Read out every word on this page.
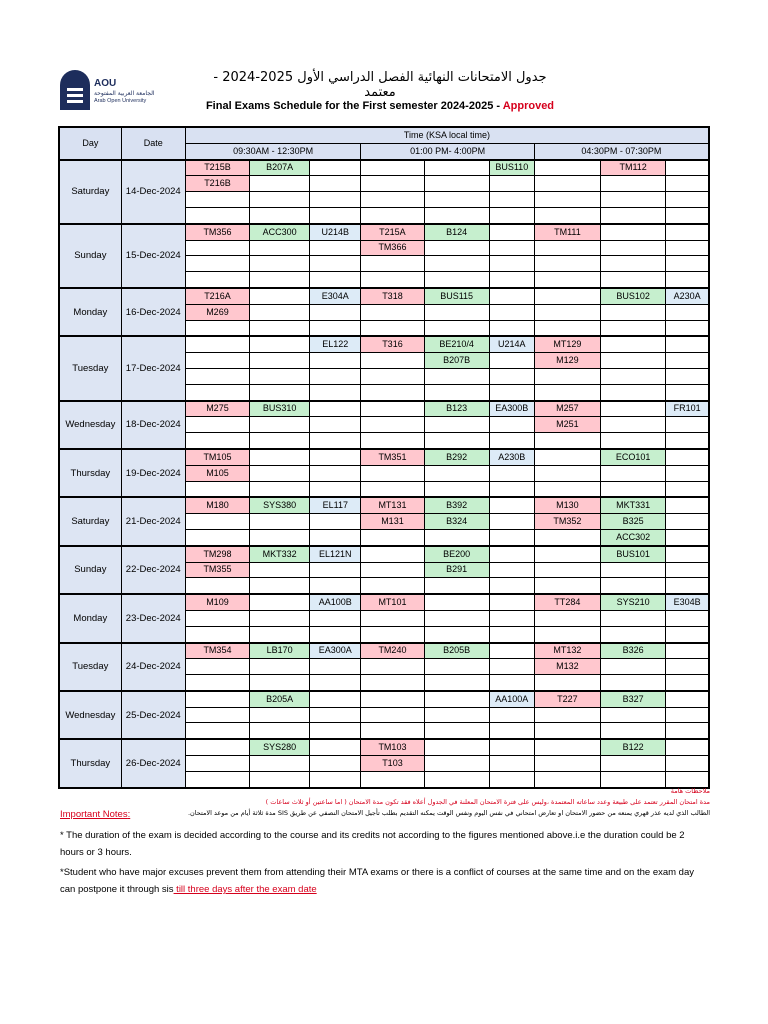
AOU
الجامعة العربية المفتوحة
Arab Open University
جدول الامتحانات النهائية الفصل الدراسي الأول 2025-2024 - معتمد
Final Exams Schedule for the First semester 2024-2025 - Approved
Day	Date	Time (KSA local time)								
		09:30AM - 12:30PM			01:00 PM- 4:00PM			04:30PM - 07:30PM		
Saturday	14-Dec-2024	T215B	B207A				BUS110		TM112	
		T216B								

Sunday	15-Dec-2024	TM356	ACC300	U214B	T215A	B124		TM111		
					TM366					

Monday	16-Dec-2024	T216A		E304A	T318	BUS115			BUS102	A230A
		M269								

Tuesday	17-Dec-2024			EL122	T316	BE210/4	U214A	MT129		
						B207B		M129		

Wednesday	18-Dec-2024	M275	BUS310			B123	EA300B	M257		FR101
								M251		

Thursday	19-Dec-2024	TM105			TM351	B292	A230B		ECO101	
		M105								

Saturday	21-Dec-2024	M180	SYS380	EL117	MT131	B392		M130	MKT331	
					M131	B324		TM352	B325	
									ACC302	
Sunday	22-Dec-2024	TM298	MKT332	EL121N		BE200			BUS101	
		TM355				B291				

Monday	23-Dec-2024	M109		AA100B	MT101			TT284	SYS210	E304B

Tuesday	24-Dec-2024	TM354	LB170	EA300A	TM240	B205B		MT132	B326	
								M132		

Wednesday	25-Dec-2024		B205A				AA100A	T227	B327	

Thursday	26-Dec-2024		SYS280		TM103				B122	
					T103					

ملاحظات هامة
مدة امتحان المقرر تعتمد على طبيعة وعدد ساعاته المعتمدة ،وليس على فترة الامتحان المعلنة في الجدول أعلاه فقد تكون مدة الامتحان ( اما ساعتين أو ثلاث ساعات )
الطالب الذي لديه عذر قهري يمنعه من حضور الامتحان او تعارض امتحاني في نفس اليوم ونفس الوقت يمكنه التقديم بطلب تأجيل الامتحان النصفي عن طريق SIS مدة ثلاثة أيام من موعد الامتحان.
Important Notes:
* The duration of the exam is decided according to the course and its credits not according to the figures mentioned above.i.e the duration could be 2 hours or 3 hours.
*Student who have major excuses prevent them from attending their MTA exams or there is a conflict of courses at the same time and on the exam day can postpone it through sis till three days after the exam date
